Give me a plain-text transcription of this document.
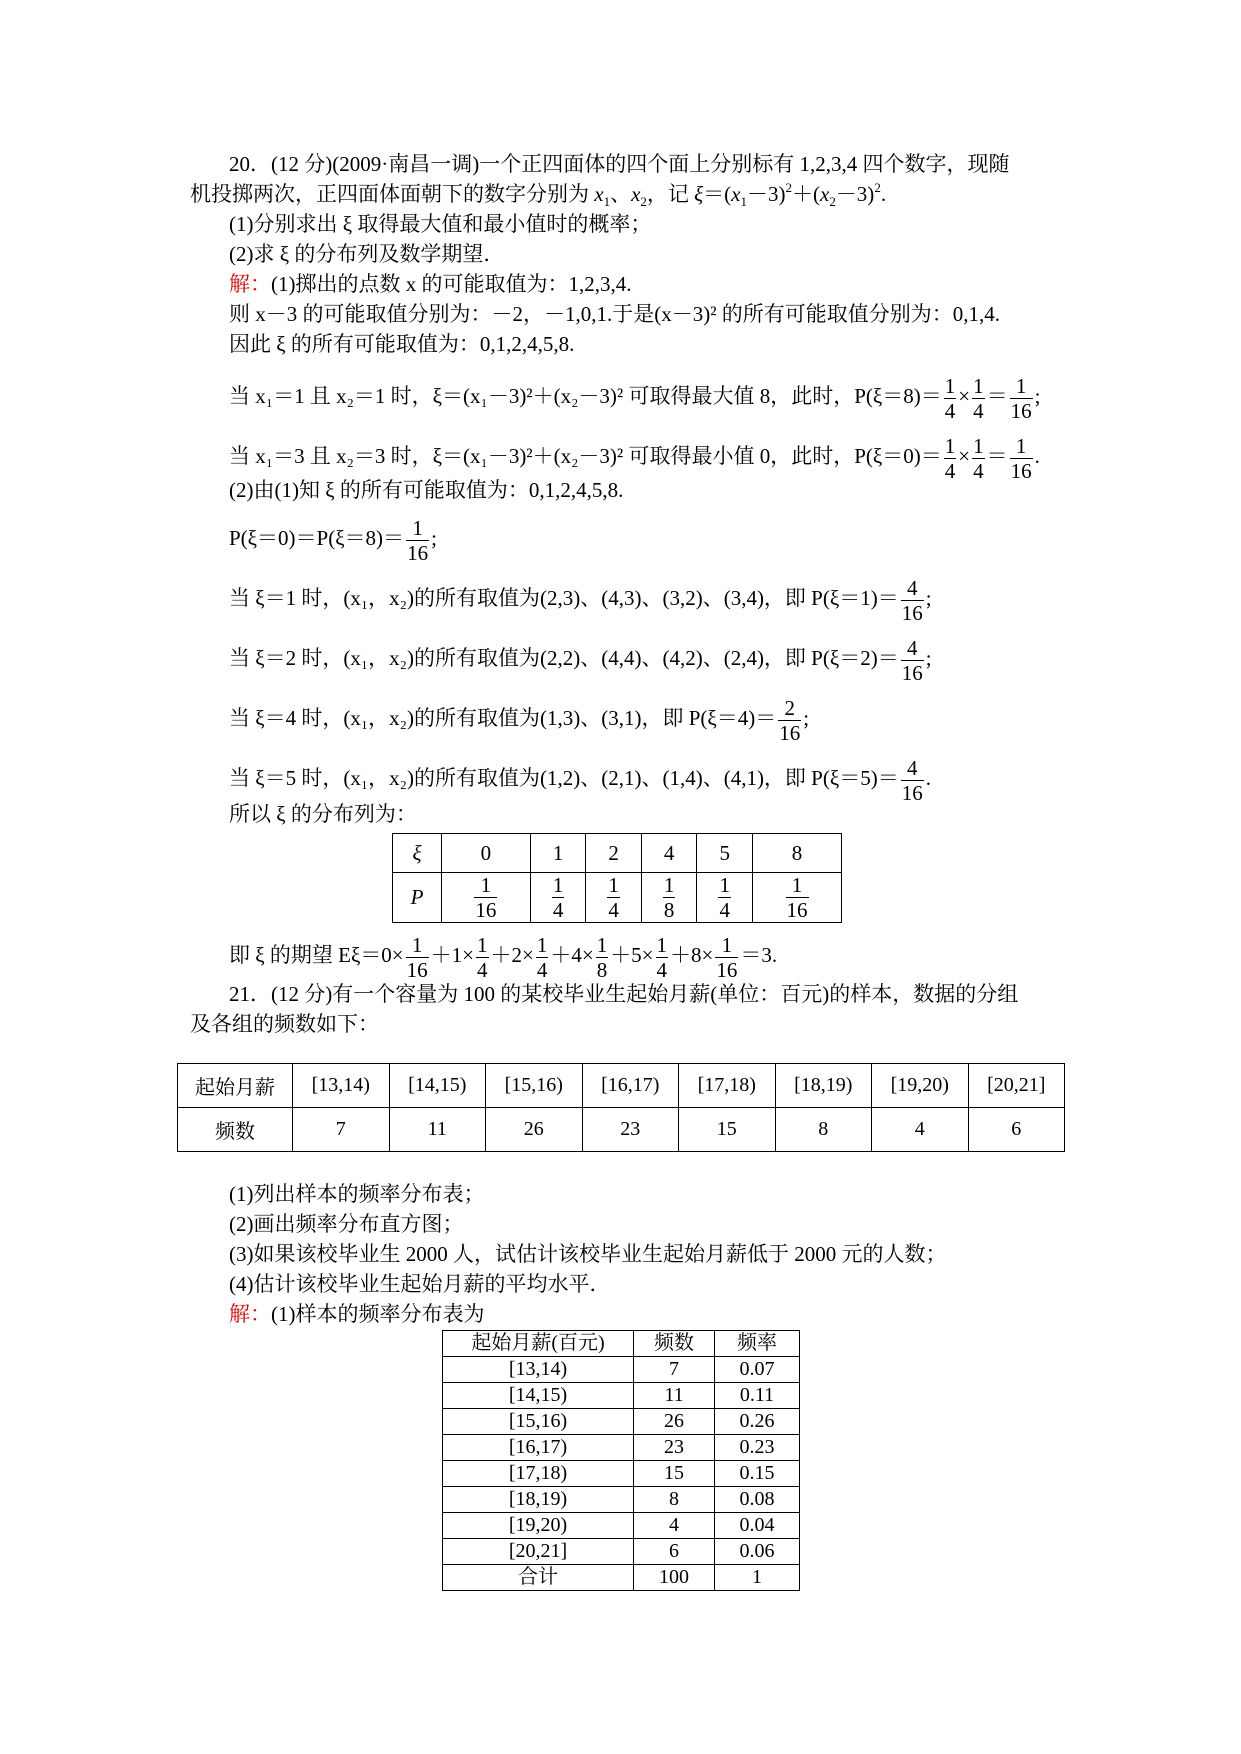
20．(12 分)(2009·南昌一调)一个正四面体的四个面上分别标有 1,2,3,4 四个数字，现随
机投掷两次，正四面体面朝下的数字分别为 $x_1$、$x_2$，记 $\xi=(x_1-3)^2+(x_2-3)^2$.
(1)分别求出 ξ 取得最大值和最小值时的概率；
(2)求 ξ 的分布列及数学期望．
解：(1)掷出的点数 x 的可能取值为：1,2,3,4.
则 x－3 的可能取值分别为：－2，－1,0,1.于是(x－3)² 的所有可能取值分别为：0,1,4.
因此 ξ 的所有可能取值为：0,1,2,4,5,8.
当 x₁＝1 且 x₂＝1 时，ξ＝(x₁－3)²＋(x₂－3)² 可取得最大值 8，此时，$P(\xi=8)= \frac{1}{4} \times \frac{1}{4} = \frac{1}{16}$ ;
当 x₁＝3 且 x₂＝3 时，ξ＝(x₁－3)²＋(x₂－3)² 可取得最小值 0，此时，$P(\xi=0)= \frac{1}{4} \times \frac{1}{4} = \frac{1}{16}$ .
(2)由(1)知 ξ 的所有可能取值为：0,1,2,4,5,8.
$P(\xi=0)=P(\xi=8)= \frac{1}{16}$ ;
当 ξ＝1 时，(x₁，x₂)的所有取值为(2,3)、(4,3)、(3,2)、(3,4)，即 $P(\xi=1)= \frac{4}{16}$ ;
当 ξ＝2 时，(x₁，x₂)的所有取值为(2,2)、(4,4)、(4,2)、(2,4)，即 $P(\xi=2)= \frac{4}{16}$ ;
当 ξ＝4 时，(x₁，x₂)的所有取值为(1,3)、(3,1)，即 $P(\xi=4)= \frac{2}{16}$ ;
当 ξ＝5 时，(x₁，x₂)的所有取值为(1,2)、(2,1)、(1,4)、(4,1)，即 $P(\xi=5)= \frac{4}{16}$ .
所以 ξ 的分布列为：
ξ	0	1	2	4	5	8
P	$\frac{1}{16}$	$\frac{1}{4}$	$\frac{1}{4}$	$\frac{1}{8}$	$\frac{1}{4}$	$\frac{1}{16}$
即 ξ 的期望 $E\xi=0\times \frac{1}{16} +1\times \frac{1}{4} +2\times \frac{1}{4} +4\times \frac{1}{8} +5\times \frac{1}{4} +8\times \frac{1}{16} =3$.
21．(12 分)有一个容量为 100 的某校毕业生起始月薪(单位：百元)的样本，数据的分组
及各组的频数如下：
起始月薪	[13,14)	[14,15)	[15,16)	[16,17)	[17,18)	[18,19)	[19,20)	[20,21]
频数	7	11	26	23	15	8	4	6
(1)列出样本的频率分布表；
(2)画出频率分布直方图；
(3)如果该校毕业生 2000 人，试估计该校毕业生起始月薪低于 2000 元的人数；
(4)估计该校毕业生起始月薪的平均水平．
解：(1)样本的频率分布表为
起始月薪(百元)	频数	频率
[13,14)	7	0.07
[14,15)	11	0.11
[15,16)	26	0.26
[16,17)	23	0.23
[17,18)	15	0.15
[18,19)	8	0.08
[19,20)	4	0.04
[20,21]	6	0.06
合计	100	1
